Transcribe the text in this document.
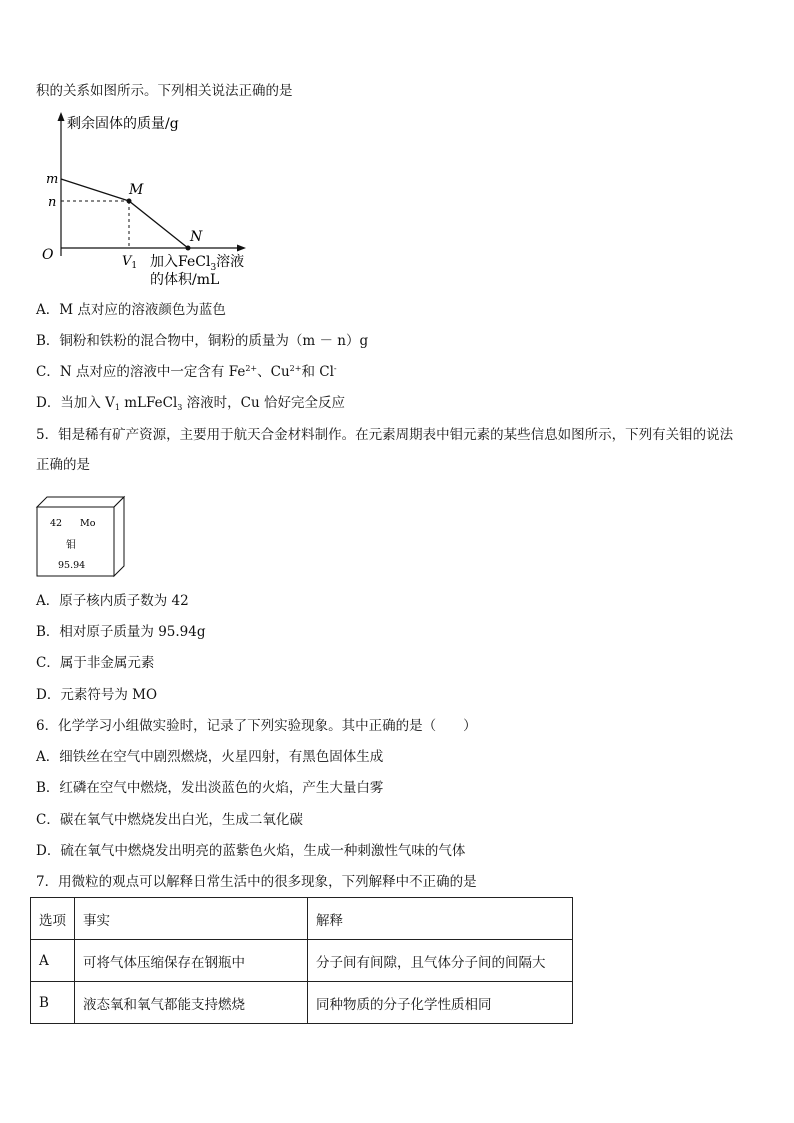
积的关系如图所示。下列相关说法正确的是
剩余固体的质量/g
m
n
O
M
N
$V_1$ 加入FeCl$_3$溶液
的体积/mL
A．M 点对应的溶液颜色为蓝色
B．铜粉和铁粉的混合物中，铜粉的质量为（m － n）g
C．N 点对应的溶液中一定含有 $Fe^{2+}$、$Cu^{2+}$和 Cl-
D．当加入 $V_1$ mLFeCl$_3$ 溶液时，Cu 恰好完全反应
5．钼是稀有矿产资源，主要用于航天合金材料制作。在元素周期表中钼元素的某些信息如图所示，下列有关钼的说法
正确的是
42 Mo
钼
95.94
A．原子核内质子数为 42
B．相对原子质量为 95.94g
C．属于非金属元素
D．元素符号为 MO
6．化学学习小组做实验时，记录了下列实验现象。其中正确的是（　　）
A．细铁丝在空气中剧烈燃烧，火星四射，有黑色固体生成
B．红磷在空气中燃烧，发出淡蓝色的火焰，产生大量白雾
C．碳在氧气中燃烧发出白光，生成二氧化碳
D．硫在氧气中燃烧发出明亮的蓝紫色火焰，生成一种刺激性气味的气体
7．用微粒的观点可以解释日常生活中的很多现象，下列解释中不正确的是
选项	事实	解释
A	可将气体压缩保存在钢瓶中	分子间有间隙，且气体分子间的间隔大
B	液态氧和氧气都能支持燃烧	同种物质的分子化学性质相同
